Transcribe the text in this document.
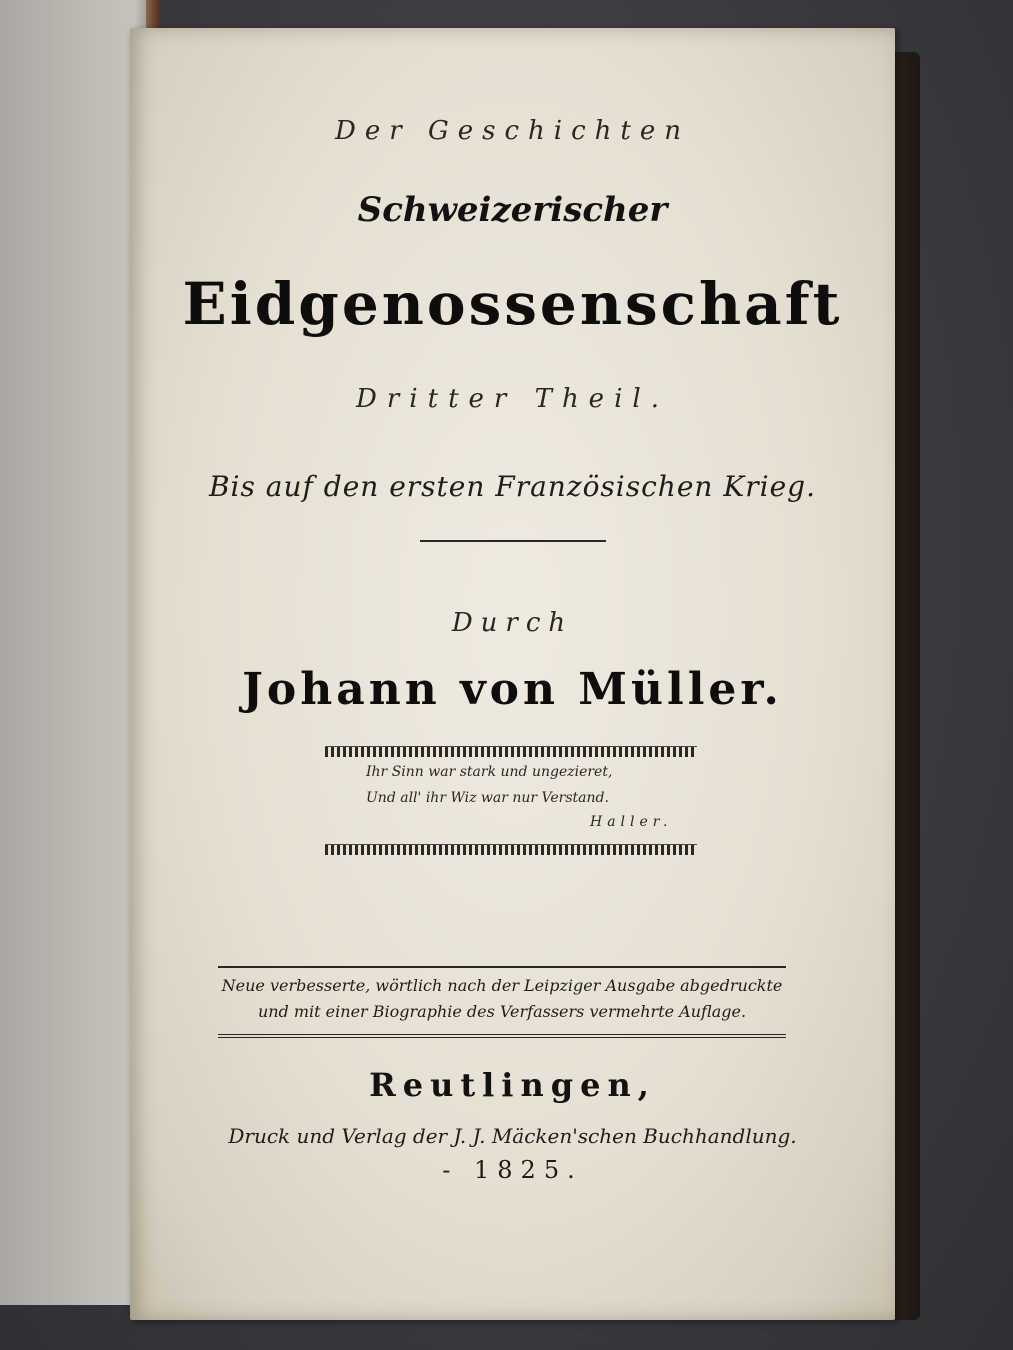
Der Geschichten
Schweizerischer
Eidgenossenschaft
Dritter Theil.
Bis auf den ersten Französischen Krieg.
Durch
Johann von Müller.
Ihr Sinn war stark und ungezieret,
Und all' ihr Wiz war nur Verstand.
Haller.
Neue verbesserte, wörtlich nach der Leipziger Ausgabe abgedruckte
und mit einer Biographie des Verfassers vermehrte Auflage.
Reutlingen,
Druck und Verlag der J. J. Mäcken'schen Buchhandlung.
- 1825.
